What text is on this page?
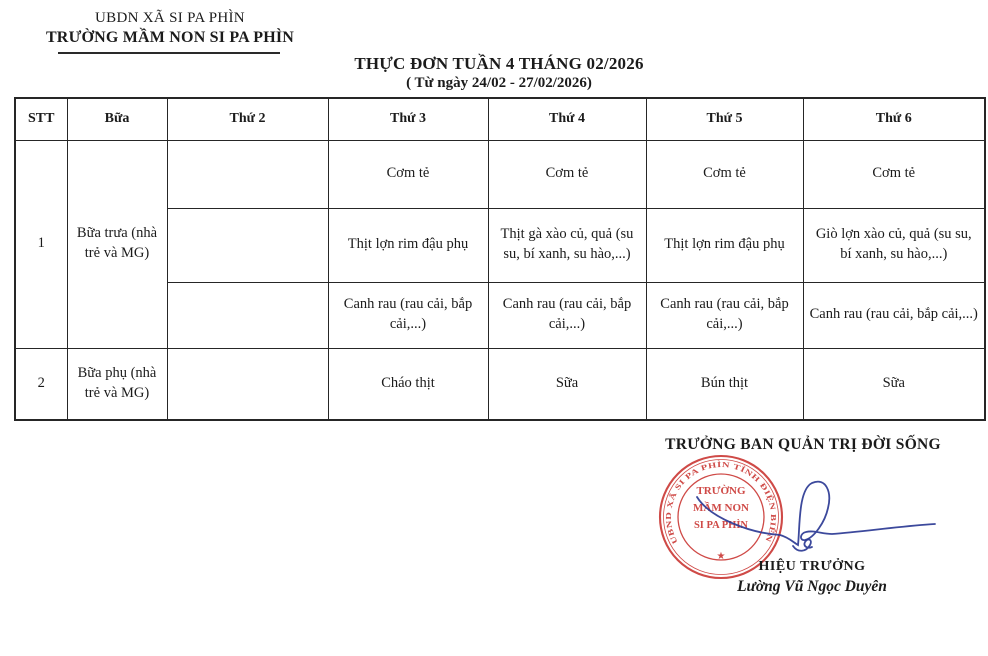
UBDN XÃ SI PA PHÌN
TRƯỜNG MẦM NON SI PA PHÌN
THỰC ĐƠN TUẦN 4 THÁNG 02/2026
( Từ ngày 24/02 - 27/02/2026)
STT	Bữa	Thứ 2	Thứ 3	Thứ 4	Thứ 5	Thứ 6
1	Bữa trưa (nhà trẻ và MG)		Cơm tẻ	Cơm tẻ	Cơm tẻ	Cơm tẻ
			Thịt lợn rim đậu phụ	Thịt gà xào củ, quả (su su, bí xanh, su hào,...)	Thịt lợn rim đậu phụ	Giò lợn xào củ, quả (su su, bí xanh, su hào,...)
			Canh rau (rau cải, bắp cải,...)	Canh rau (rau cải, bắp cải,...)	Canh rau (rau cải, bắp cải,...)	Canh rau (rau cải, bắp cải,...)
2	Bữa phụ (nhà trẻ và MG)		Cháo thịt	Sữa	Bún thịt	Sữa
TRƯỞNG BAN QUẢN TRỊ ĐỜI SỐNG
UBND XÃ SI PA PHÌN TỈNH ĐIỆN BIÊN
TRƯỜNG
MẦM NON
SI PA PHÌN
★
HIỆU TRƯỞNG
Lường Vũ Ngọc Duyên
